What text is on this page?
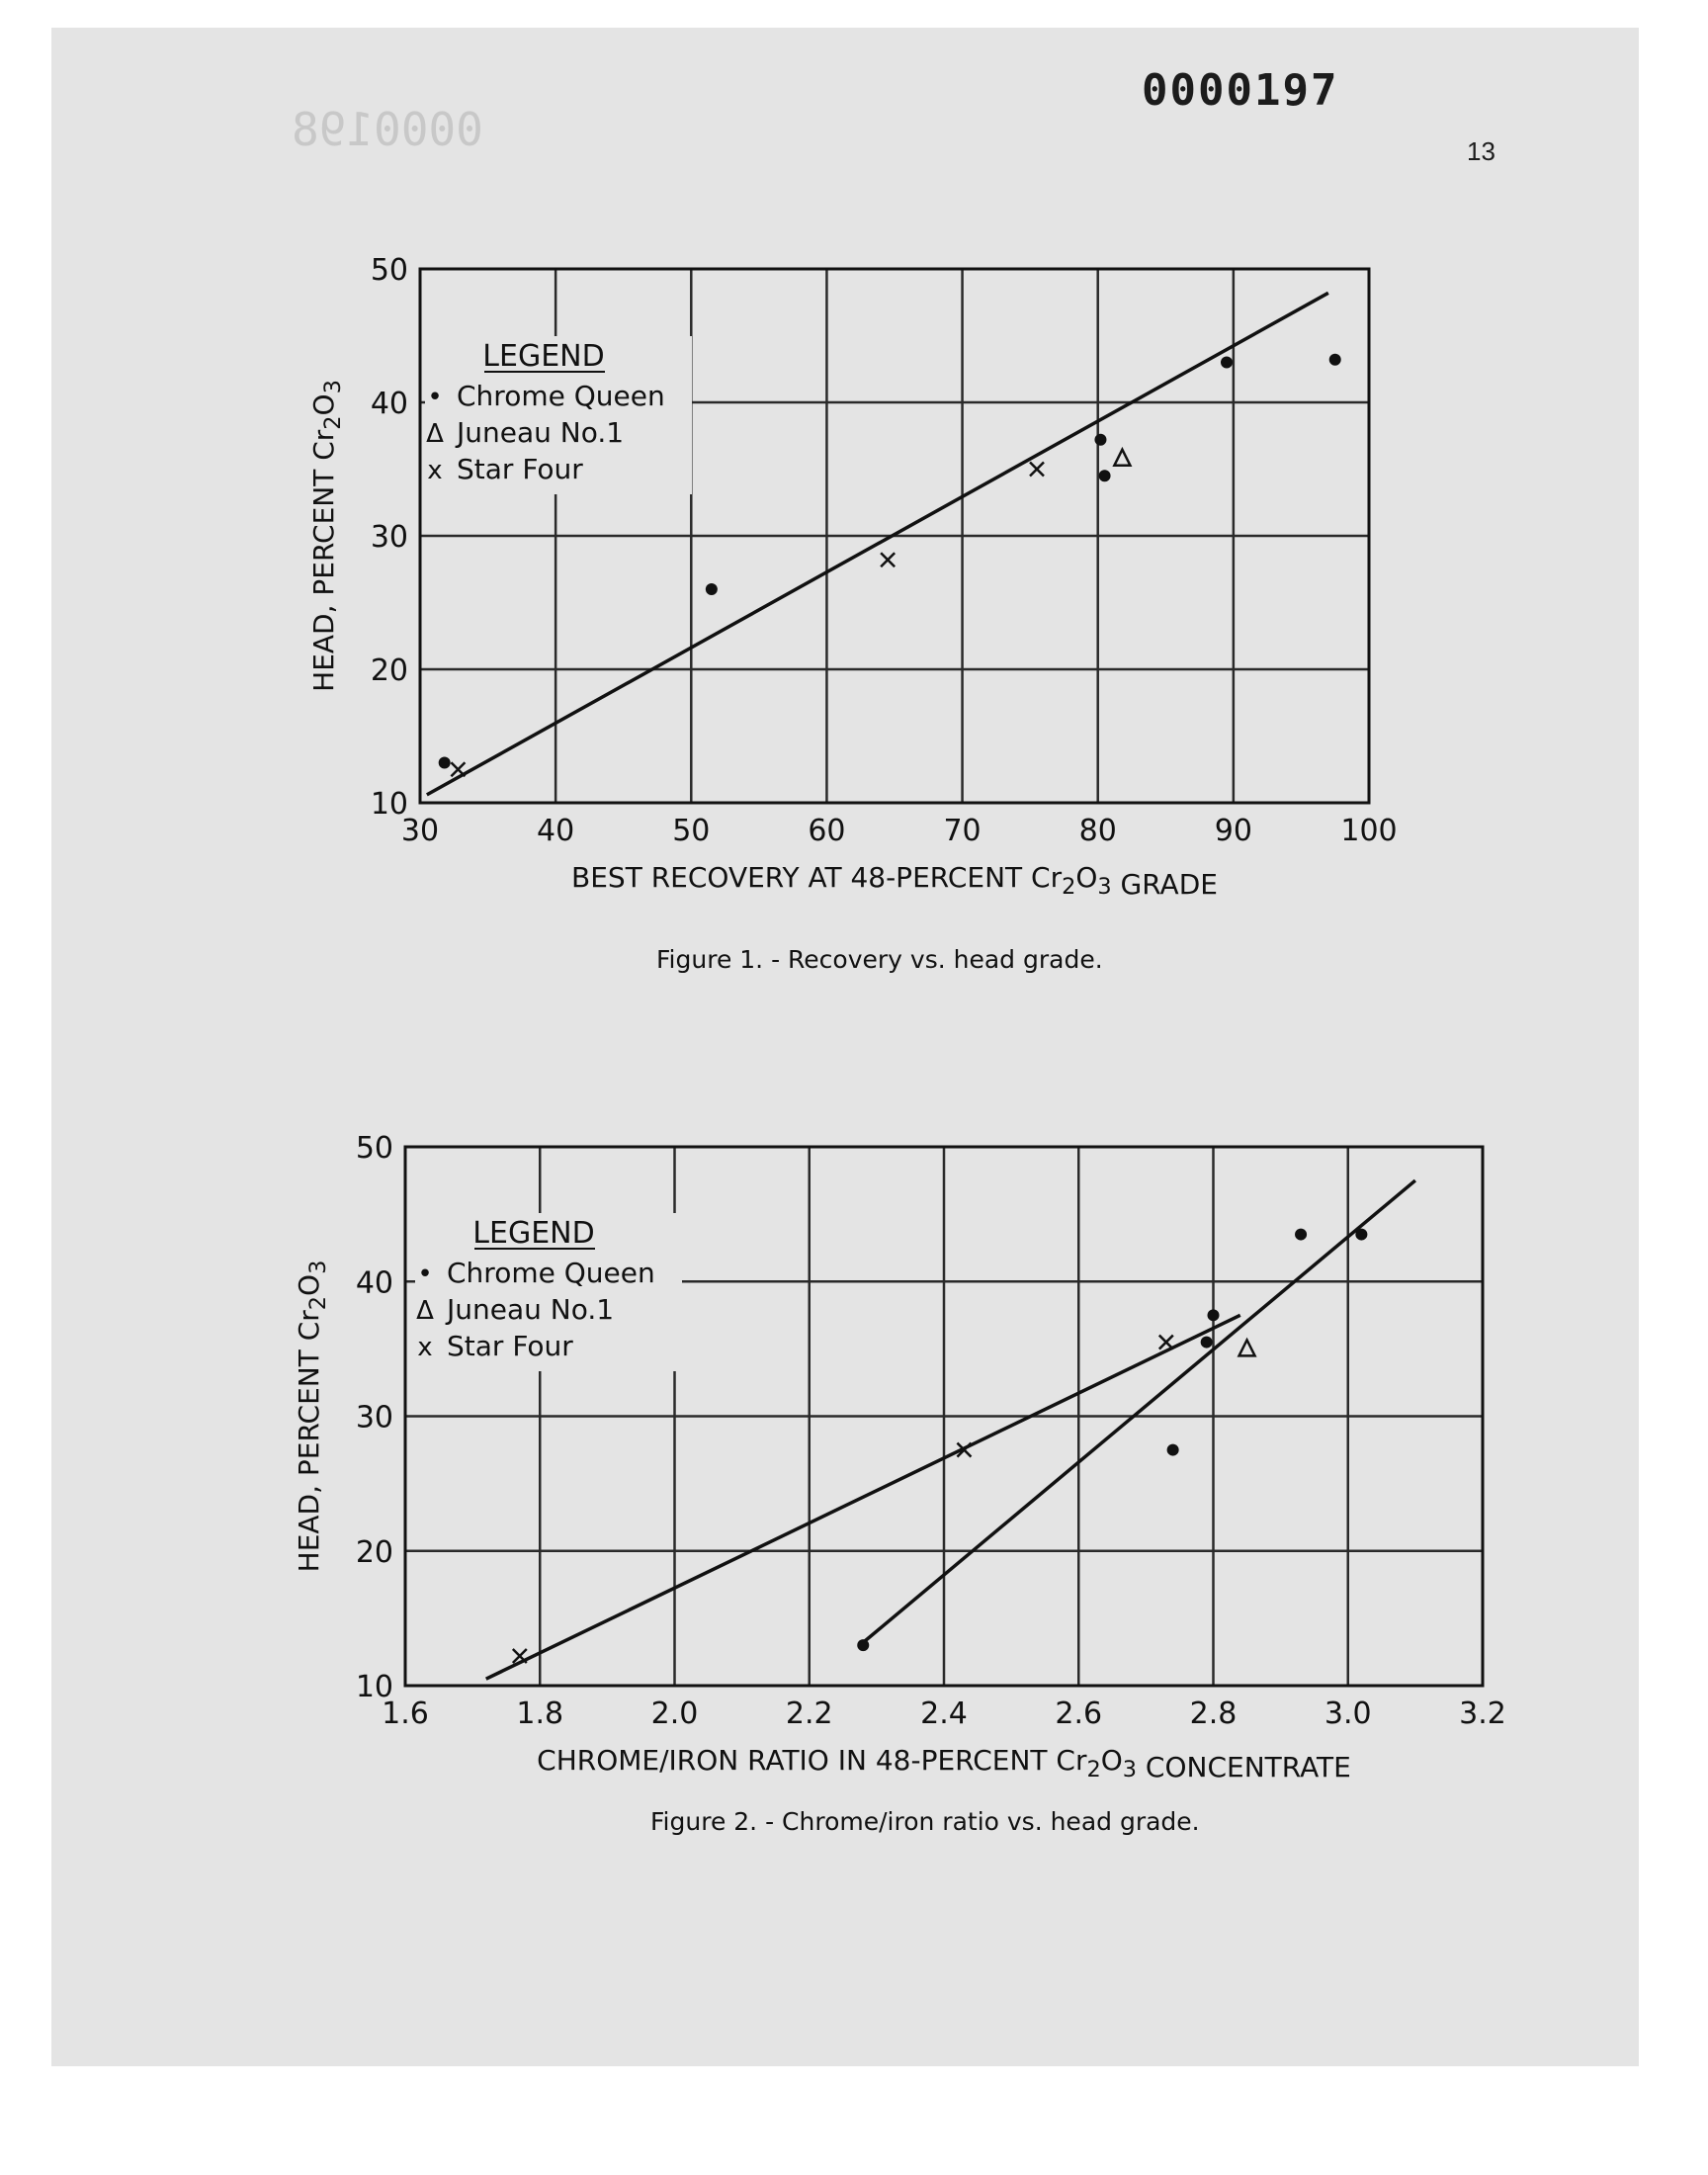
0000198
0000197
13
LEGEND
• Chrome Queen
Δ Juneau No.1
x Star Four
30	40	50	60	70	80	90	100
10
20
30
40
50
BEST RECOVERY AT 48-PERCENT $Cr_2O_3$ GRADE
HEAD, PERCENT $Cr_2O_3$
Figure 1. - Recovery vs. head grade.
LEGEND
• Chrome Queen
Δ Juneau No.1
x Star Four
1.6	1.8	2.0	2.2	2.4	2.6	2.8	3.0	3.2
10
20
30
40
50
CHROME/IRON RATIO IN 48-PERCENT $Cr_2O_3$ CONCENTRATE
HEAD, PERCENT $Cr_2O_3$
Figure 2. - Chrome/iron ratio vs. head grade.
